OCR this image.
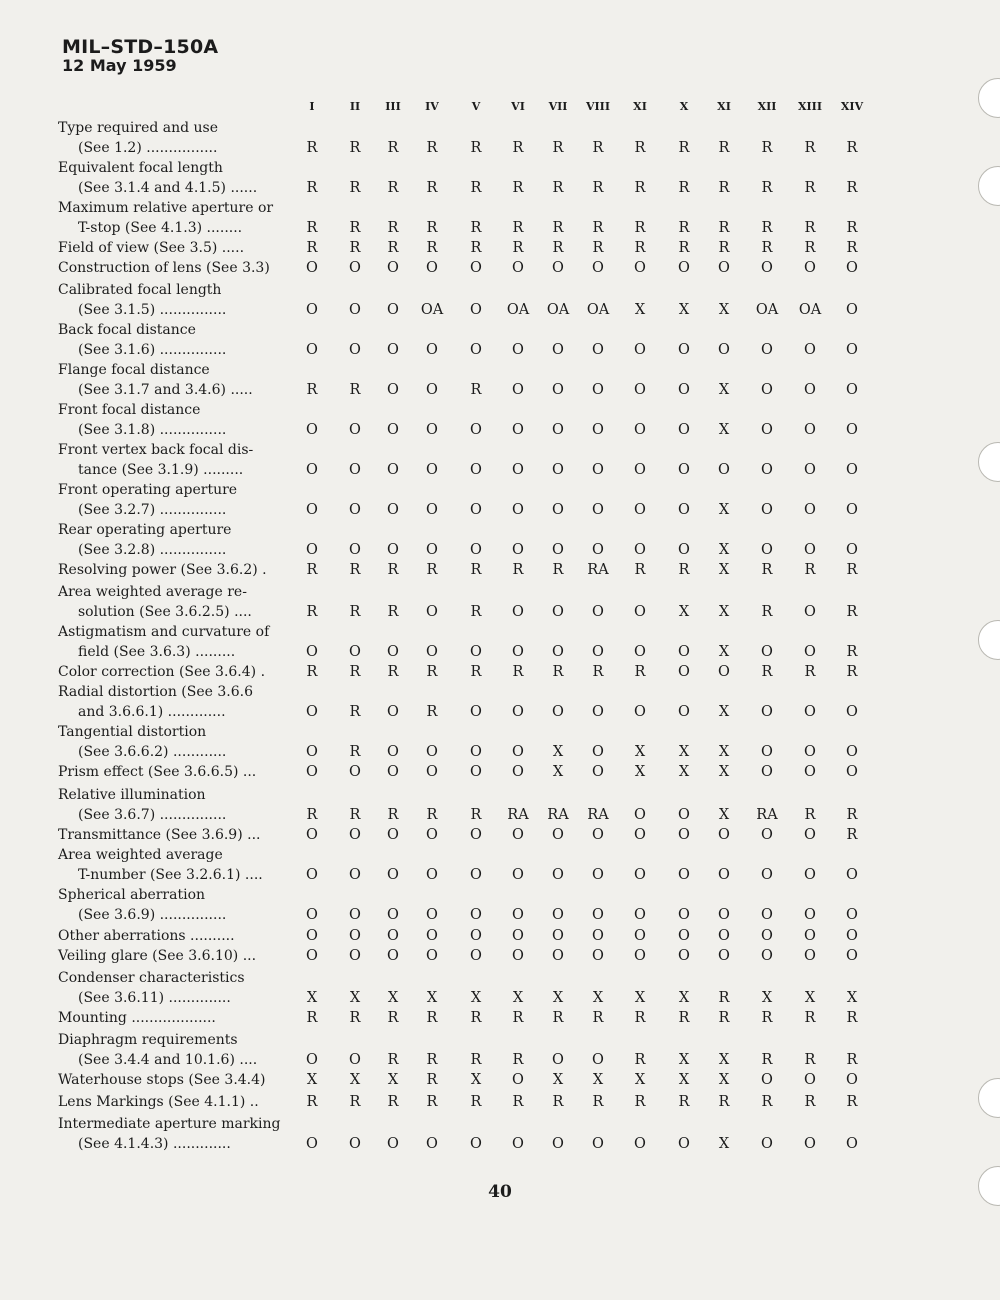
MIL–STD–150A
12 May 1959
I	II	III	IV	V	VI	VII	VIII	XI	X	XI	XII	XIII	XIV
Type required and use
(See 1.2) ................	R	R	R	R	R	R	R	R	R	R	R	R	R	R
Equivalent focal length
(See 3.1.4 and 4.1.5) ......	R	R	R	R	R	R	R	R	R	R	R	R	R	R
Maximum relative aperture or
T-stop (See 4.1.3) ........	R	R	R	R	R	R	R	R	R	R	R	R	R	R
Field of view (See 3.5) .....	R	R	R	R	R	R	R	R	R	R	R	R	R	R
Construction of lens (See 3.3)	O	O	O	O	O	O	O	O	O	O	O	O	O	O
Calibrated focal length
(See 3.1.5) ...............	O	O	O	OA	O	OA	OA	OA	X	X	X	OA	OA	O
Back focal distance
(See 3.1.6) ...............	O	O	O	O	O	O	O	O	O	O	O	O	O	O
Flange focal distance
(See 3.1.7 and 3.4.6) .....	R	R	O	O	R	O	O	O	O	O	X	O	O	O
Front focal distance
(See 3.1.8) ...............	O	O	O	O	O	O	O	O	O	O	X	O	O	O
Front vertex back focal dis-
tance (See 3.1.9) .........	O	O	O	O	O	O	O	O	O	O	O	O	O	O
Front operating aperture
(See 3.2.7) ...............	O	O	O	O	O	O	O	O	O	O	X	O	O	O
Rear operating aperture
(See 3.2.8) ...............	O	O	O	O	O	O	O	O	O	O	X	O	O	O
Resolving power (See 3.6.2) .	R	R	R	R	R	R	R	RA	R	R	X	R	R	R
Area weighted average re-
solution (See 3.6.2.5) ....	R	R	R	O	R	O	O	O	O	X	X	R	O	R
Astigmatism and curvature of
field (See 3.6.3) .........	O	O	O	O	O	O	O	O	O	O	X	O	O	R
Color correction (See 3.6.4) .	R	R	R	R	R	R	R	R	R	O	O	R	R	R
Radial distortion (See 3.6.6
and 3.6.6.1) .............	O	R	O	R	O	O	O	O	O	O	X	O	O	O
Tangential distortion
(See 3.6.6.2) ............	O	R	O	O	O	O	X	O	X	X	X	O	O	O
Prism effect (See 3.6.6.5) ...	O	O	O	O	O	O	X	O	X	X	X	O	O	O
Relative illumination
(See 3.6.7) ...............	R	R	R	R	R	RA	RA	RA	O	O	X	RA	R	R
Transmittance (See 3.6.9) ...	O	O	O	O	O	O	O	O	O	O	O	O	O	R
Area weighted average
T-number (See 3.2.6.1) ....	O	O	O	O	O	O	O	O	O	O	O	O	O	O
Spherical aberration
(See 3.6.9) ...............	O	O	O	O	O	O	O	O	O	O	O	O	O	O
Other aberrations ..........	O	O	O	O	O	O	O	O	O	O	O	O	O	O
Veiling glare (See 3.6.10) ...	O	O	O	O	O	O	O	O	O	O	O	O	O	O
Condenser characteristics
(See 3.6.11) ..............	X	X	X	X	X	X	X	X	X	X	R	X	X	X
Mounting ...................	R	R	R	R	R	R	R	R	R	R	R	R	R	R
Diaphragm requirements
(See 3.4.4 and 10.1.6) ....	O	O	R	R	R	R	O	O	R	X	X	R	R	R
Waterhouse stops (See 3.4.4)	X	X	X	R	X	O	X	X	X	X	X	O	O	O
Lens Markings (See 4.1.1) ..	R	R	R	R	R	R	R	R	R	R	R	R	R	R
Intermediate aperture marking
(See 4.1.4.3) .............	O	O	O	O	O	O	O	O	O	O	X	O	O	O
40
